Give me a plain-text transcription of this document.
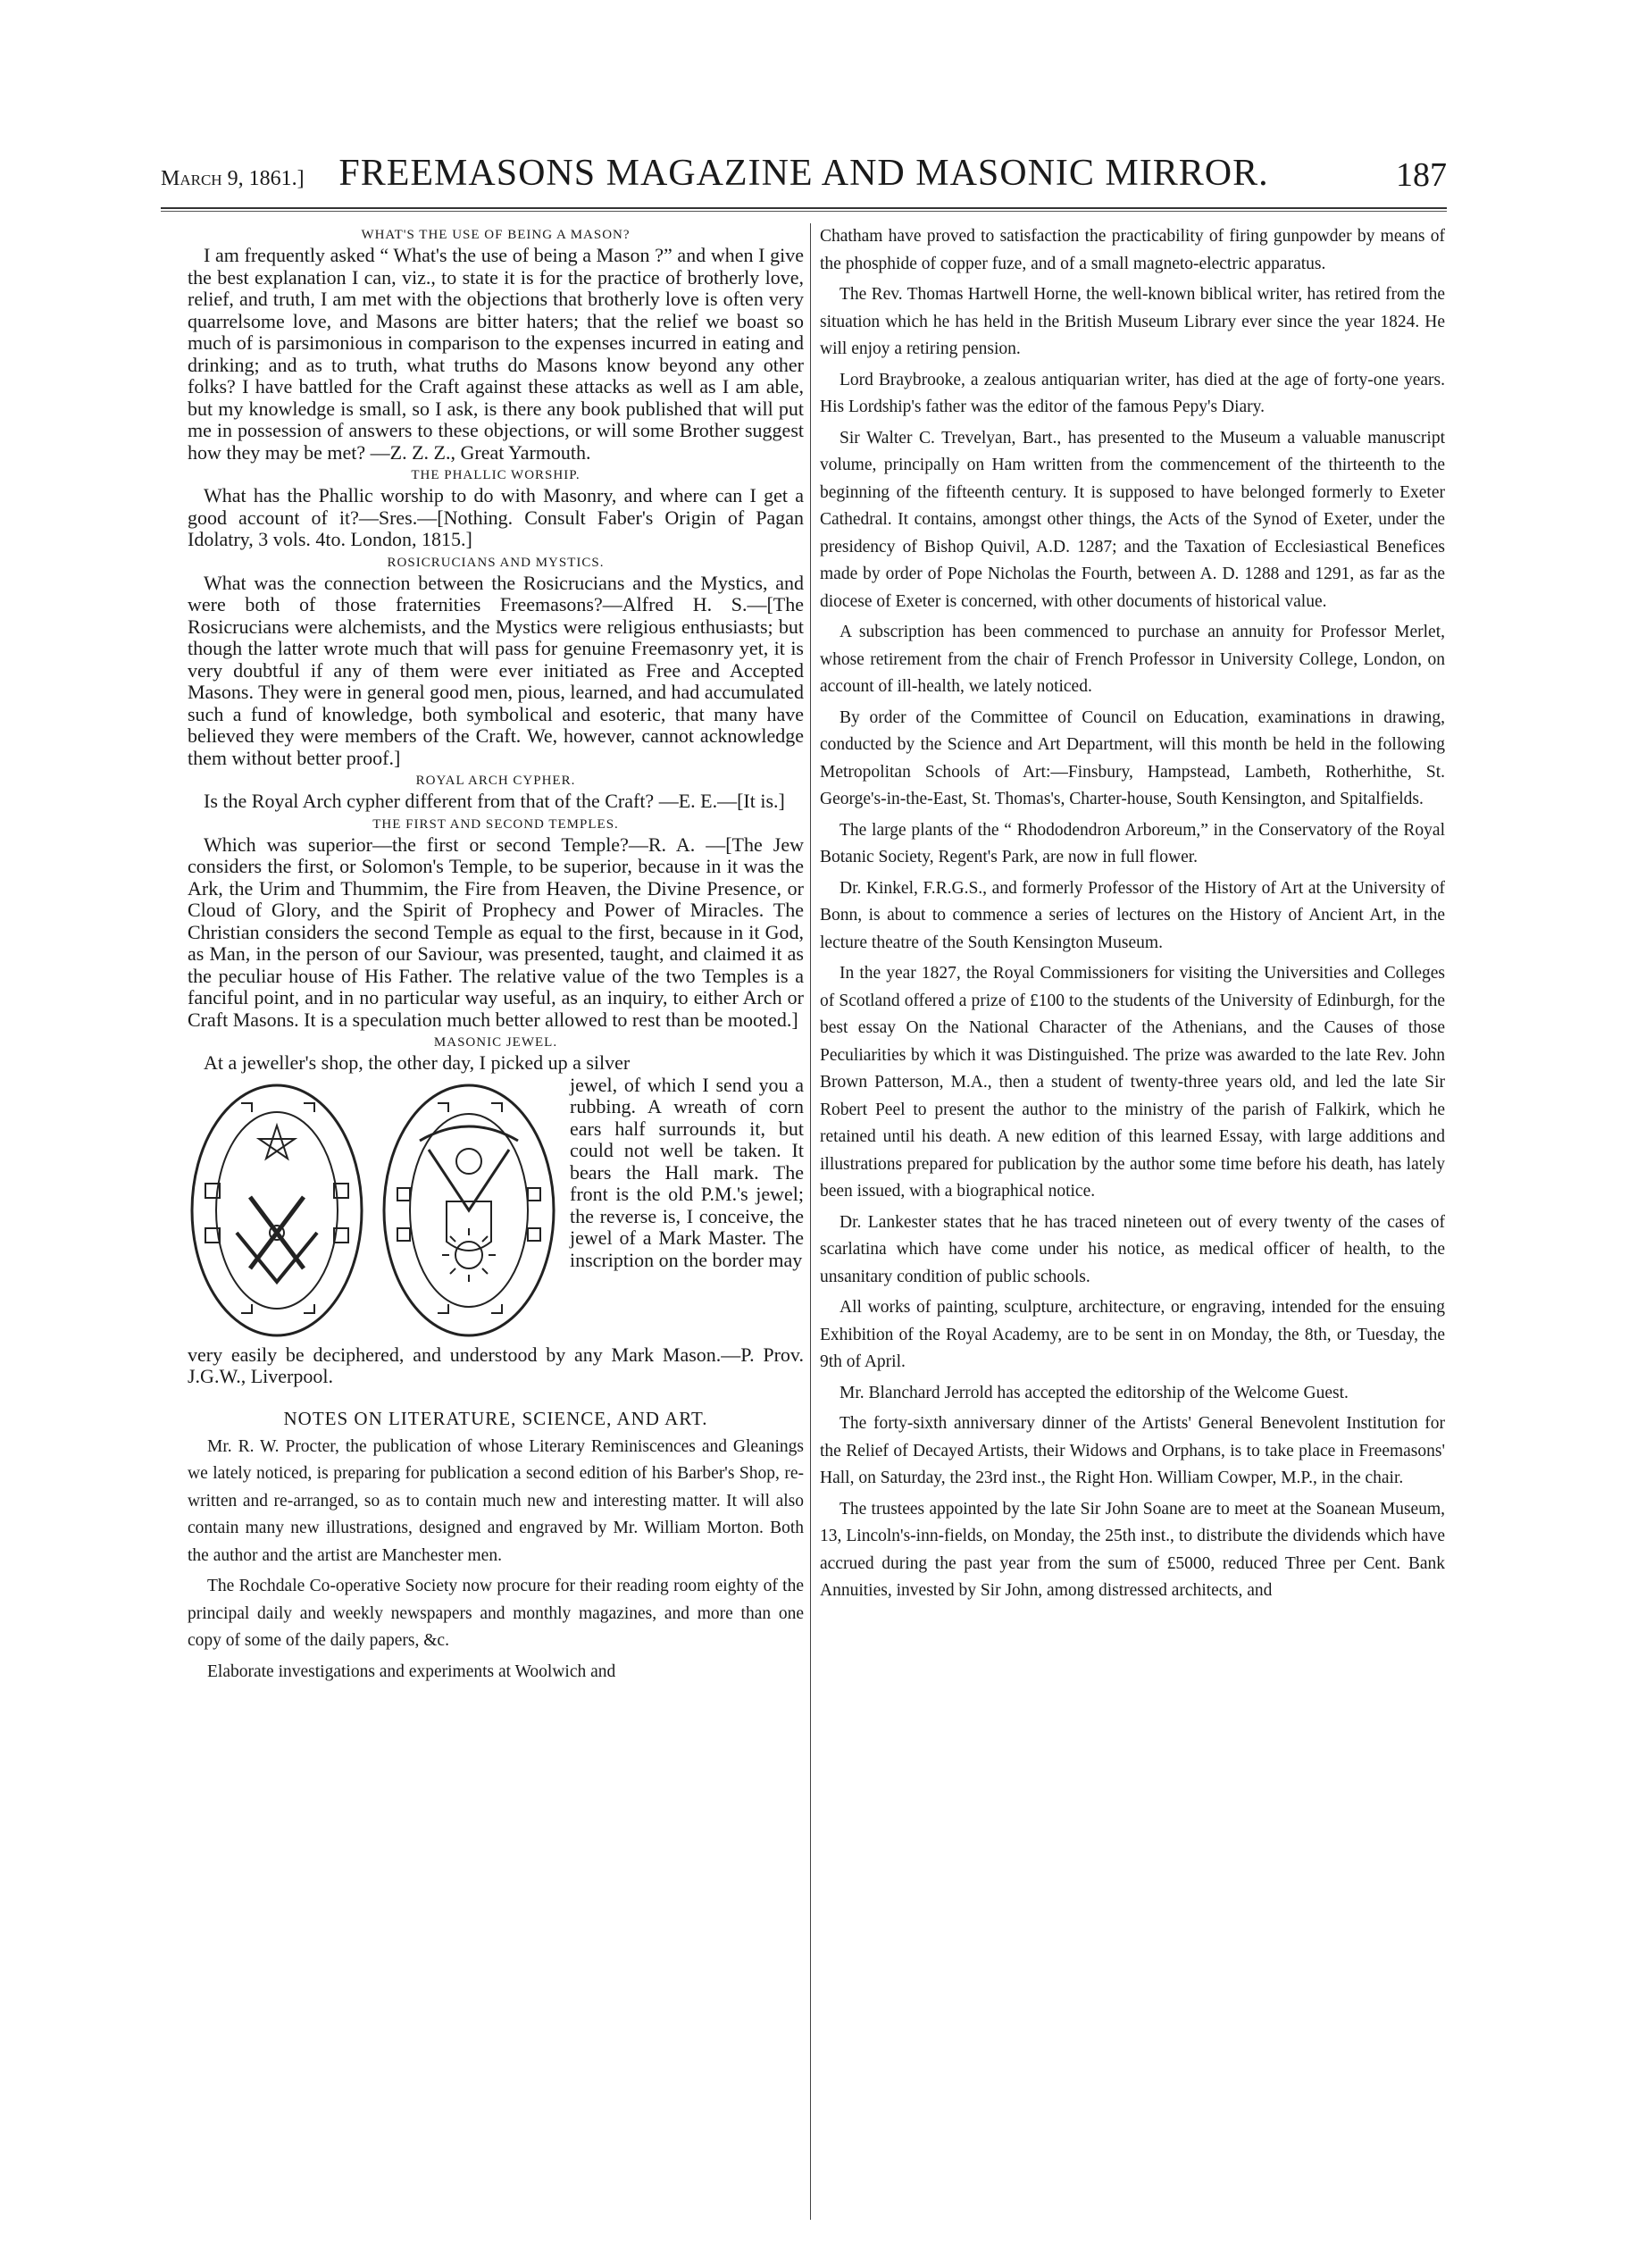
March 9, 1861.] FREEMASONS MAGAZINE AND MASONIC MIRROR.	187
WHAT'S THE USE OF BEING A MASON?

I am frequently asked “ What's the use of being a Mason ?” and when I give the best explanation I can, viz., to state it is for the practice of brotherly love, relief, and truth, I am met with the objections that brotherly love is often very quarrelsome love, and Masons are bitter haters; that the relief we boast so much of is parsimonious in comparison to the expenses incurred in eating and drinking; and as to truth, what truths do Masons know beyond any other folks? I have battled for the Craft against these attacks as well as I am able, but my knowledge is small, so I ask, is there any book published that will put me in possession of answers to these objections, or will some Brother suggest how they may be met? —Z. Z. Z., Great Yarmouth.

THE PHALLIC WORSHIP.

What has the Phallic worship to do with Masonry, and where can I get a good account of it?—Sres.—[Nothing. Consult Faber's Origin of Pagan Idolatry, 3 vols. 4to. London, 1815.]

ROSICRUCIANS AND MYSTICS.

What was the connection between the Rosicrucians and the Mystics, and were both of those fraternities Freemasons?—Alfred H. S.—[The Rosicrucians were alchemists, and the Mystics were religious enthusiasts; but though the latter wrote much that will pass for genuine Freemasonry yet, it is very doubtful if any of them were ever initiated as Free and Accepted Masons. They were in general good men, pious, learned, and had accumulated such a fund of knowledge, both symbolical and esoteric, that many have believed they were members of the Craft. We, however, cannot acknowledge them without better proof.]

ROYAL ARCH CYPHER.

Is the Royal Arch cypher different from that of the Craft? —E. E.—[It is.]

THE FIRST AND SECOND TEMPLES.

Which was superior—the first or second Temple?—R. A. —[The Jew considers the first, or Solomon's Temple, to be superior, because in it was the Ark, the Urim and Thummim, the Fire from Heaven, the Divine Presence, or Cloud of Glory, and the Spirit of Prophecy and Power of Miracles. The Christian considers the second Temple as equal to the first, because in it God, as Man, in the person of our Saviour, was presented, taught, and claimed it as the peculiar house of His Father. The relative value of the two Temples is a fanciful point, and in no particular way useful, as an inquiry, to either Arch or Craft Masons. It is a speculation much better allowed to rest than be mooted.]

MASONIC JEWEL.

At a jeweller's shop, the other day, I picked up a silver

jewel, of which I send you a rubbing. A wreath of corn ears half surrounds it, but could not well be taken. It bears the Hall mark. The front is the old P.M.'s jewel; the reverse is, I conceive, the jewel of a Mark Master. The inscription on the border may

very easily be deciphered, and understood by any Mark Mason.—P. Prov. J.G.W., Liverpool.

NOTES ON LITERATURE, SCIENCE, AND ART.

Mr. R. W. Procter, the publication of whose Literary Reminiscences and Gleanings we lately noticed, is preparing for publication a second edition of his Barber's Shop, re-written and re-arranged, so as to contain much new and interesting matter. It will also contain many new illustrations, designed and engraved by Mr. William Morton. Both the author and the artist are Manchester men.

The Rochdale Co-operative Society now procure for their reading room eighty of the principal daily and weekly newspapers and monthly magazines, and more than one copy of some of the daily papers, &c.

Elaborate investigations and experiments at Woolwich and

Chatham have proved to satisfaction the practicability of firing gunpowder by means of the phosphide of copper fuze, and of a small magneto-electric apparatus.

The Rev. Thomas Hartwell Horne, the well-known biblical writer, has retired from the situation which he has held in the British Museum Library ever since the year 1824. He will enjoy a retiring pension.

Lord Braybrooke, a zealous antiquarian writer, has died at the age of forty-one years. His Lordship's father was the editor of the famous Pepy's Diary.

Sir Walter C. Trevelyan, Bart., has presented to the Museum a valuable manuscript volume, principally on Ham written from the commencement of the thirteenth to the beginning of the fifteenth century. It is supposed to have belonged formerly to Exeter Cathedral. It contains, amongst other things, the Acts of the Synod of Exeter, under the presidency of Bishop Quivil, A.D. 1287; and the Taxation of Ecclesiastical Benefices made by order of Pope Nicholas the Fourth, between A. D. 1288 and 1291, as far as the diocese of Exeter is concerned, with other documents of historical value.

A subscription has been commenced to purchase an annuity for Professor Merlet, whose retirement from the chair of French Professor in University College, London, on account of ill-health, we lately noticed.

By order of the Committee of Council on Education, examinations in drawing, conducted by the Science and Art Department, will this month be held in the following Metropolitan Schools of Art:—Finsbury, Hampstead, Lambeth, Rotherhithe, St. George's-in-the-East, St. Thomas's, Charter-house, South Kensington, and Spitalfields.

The large plants of the “ Rhododendron Arboreum,” in the Conservatory of the Royal Botanic Society, Regent's Park, are now in full flower.

Dr. Kinkel, F.R.G.S., and formerly Professor of the History of Art at the University of Bonn, is about to commence a series of lectures on the History of Ancient Art, in the lecture theatre of the South Kensington Museum.

In the year 1827, the Royal Commissioners for visiting the Universities and Colleges of Scotland offered a prize of £100 to the students of the University of Edinburgh, for the best essay On the National Character of the Athenians, and the Causes of those Peculiarities by which it was Distinguished. The prize was awarded to the late Rev. John Brown Patterson, M.A., then a student of twenty-three years old, and led the late Sir Robert Peel to present the author to the ministry of the parish of Falkirk, which he retained until his death. A new edition of this learned Essay, with large additions and illustrations prepared for publication by the author some time before his death, has lately been issued, with a biographical notice.

Dr. Lankester states that he has traced nineteen out of every twenty of the cases of scarlatina which have come under his notice, as medical officer of health, to the unsanitary condition of public schools.

All works of painting, sculpture, architecture, or engraving, intended for the ensuing Exhibition of the Royal Academy, are to be sent in on Monday, the 8th, or Tuesday, the 9th of April.

Mr. Blanchard Jerrold has accepted the editorship of the Welcome Guest.

The forty-sixth anniversary dinner of the Artists' General Benevolent Institution for the Relief of Decayed Artists, their Widows and Orphans, is to take place in Freemasons' Hall, on Saturday, the 23rd inst., the Right Hon. William Cowper, M.P., in the chair.

The trustees appointed by the late Sir John Soane are to meet at the Soanean Museum, 13, Lincoln's-inn-fields, on Monday, the 25th inst., to distribute the dividends which have accrued during the past year from the sum of £5000, reduced Three per Cent. Bank Annuities, invested by Sir John, among distressed architects, and
